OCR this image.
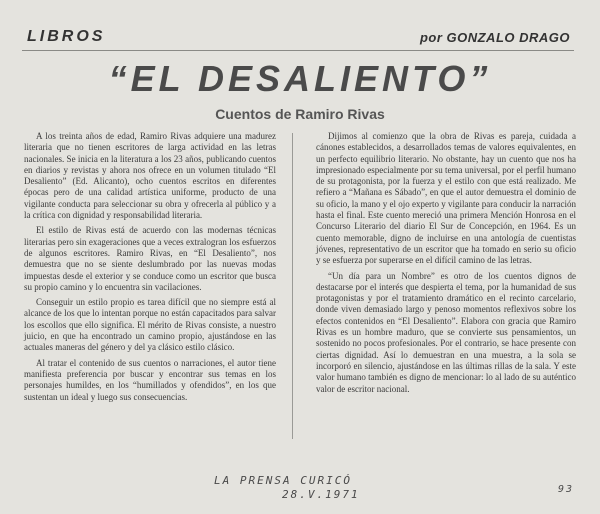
LIBROS	por GONZALO DRAGO
“EL DESALIENTO”
Cuentos de Ramiro Rivas

A los treinta años de edad, Ramiro Rivas adquiere una madurez literaria que no tienen escritores de larga actividad en las letras nacionales. Se inicia en la literatura a los 23 años, publicando cuentos en diarios y revistas y ahora nos ofrece en un volumen titulado “El Desaliento” (Ed. Alicanto), ocho cuentos escritos en diferentes épocas pero de una calidad artística uniforme, producto de una vigilante conducta para seleccionar su obra y ofrecerla al público y a la crítica con dignidad y responsabilidad literaria.

El estilo de Rivas está de acuerdo con las modernas técnicas literarias pero sin exageraciones que a veces extralogran los esfuerzos de algunos escritores. Ramiro Rivas, en “El Desaliento”, nos demuestra que no se siente deslumbrado por las nuevas modas impuestas desde el exterior y se conduce como un escritor que busca su propio camino y lo encuentra sin vacilaciones.

Conseguir un estilo propio es tarea difícil que no siempre está al alcance de los que lo intentan porque no están capacitados para salvar los escollos que ello significa. El mérito de Rivas consiste, a nuestro juicio, en que ha encontrado un camino propio, ajustándose en las actuales maneras del género y del ya clásico estilo clásico.

Al tratar el contenido de sus cuentos o narraciones, el autor tiene manifiesta preferencia por buscar y encontrar sus temas en los personajes humildes, en los “humillados y ofendidos”, en los que sustentan un ideal y luego sus consecuencias.

Dijimos al comienzo que la obra de Rivas es pareja, cuidada a cánones establecidos, a desarrollados temas de valores equivalentes, en un perfecto equilibrio literario. No obstante, hay un cuento que nos ha impresionado especialmente por su tema universal, por el perfil humano de su protagonista, por la fuerza y el estilo con que está realizado. Me refiero a “Mañana es Sábado”, en que el autor demuestra el dominio de su oficio, la mano y el ojo experto y vigilante para conducir la narración hasta el final. Este cuento mereció una primera Mención Honrosa en el Concurso Literario del diario El Sur de Concepción, en 1964. Es un cuento memorable, digno de incluirse en una antología de cuentistas jóvenes, representativo de un escritor que ha tomado en serio su oficio y se esfuerza por superarse en el difícil camino de las letras.

“Un día para un Nombre” es otro de los cuentos dignos de destacarse por el interés que despierta el tema, por la humanidad de sus protagonistas y por el tratamiento dramático en el recinto carcelario, donde viven demasiado largo y penoso momentos reflexivos sobre los efectos contenidos en “El Desaliento”. Elabora con gracia que Ramiro Rivas es un hombre maduro, que se convierte sus pensamientos, un sostenido no pocos profesionales. Por el contrario, se hace presente con ciertas dignidad. Así lo demuestran en una muestra, a la sola se incorporó en silencio, ajustándose en las últimas rillas de la sala. Y este valor humano también es digno de mencionar: lo al lado de su auténtico valor de escritor nacional.

LA PRENSA CURICÓ
28.V.1971	93
